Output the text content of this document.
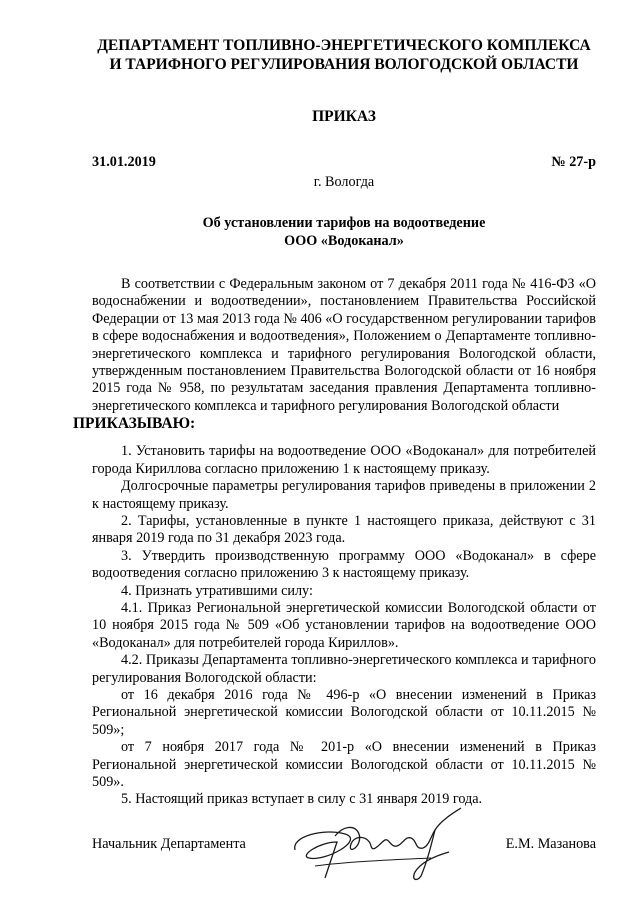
ДЕПАРТАМЕНТ ТОПЛИВНО-ЭНЕРГЕТИЧЕСКОГО КОМПЛЕКСА
И ТАРИФНОГО РЕГУЛИРОВАНИЯ ВОЛОГОДСКОЙ ОБЛАСТИ
ПРИКАЗ
31.01.2019	№ 27-р
г. Вологда
Об установлении тарифов на водоотведение
ООО «Водоканал»

В соответствии с Федеральным законом от 7 декабря 2011 года № 416-ФЗ «О водоснабжении и водоотведении», постановлением Правительства Российской Федерации от 13 мая 2013 года № 406 «О государственном регулировании тарифов в сфере водоснабжения и водоотведения», Положением о Департаменте топливно-энергетического комплекса и тарифного регулирования Вологодской области, утвержденным постановлением Правительства Вологодской области от 16 ноября 2015 года № 958, по результатам заседания правления Департамента топливно-энергетического комплекса и тарифного регулирования Вологодской области

ПРИКАЗЫВАЮ:

1. Установить тарифы на водоотведение ООО «Водоканал» для потребителей города Кириллова согласно приложению 1 к настоящему приказу.

Долгосрочные параметры регулирования тарифов приведены в приложении 2 к настоящему приказу.

2. Тарифы, установленные в пункте 1 настоящего приказа, действуют с 31 января 2019 года по 31 декабря 2023 года.

3. Утвердить производственную программу ООО «Водоканал» в сфере водоотведения согласно приложению 3 к настоящему приказу.

4. Признать утратившими силу:

4.1. Приказ Региональной энергетической комиссии Вологодской области от 10 ноября 2015 года № 509 «Об установлении тарифов на водоотведение ООО «Водоканал» для потребителей города Кириллов».

4.2. Приказы Департамента топливно-энергетического комплекса и тарифного регулирования Вологодской области:

от 16 декабря 2016 года № 496-р «О внесении изменений в Приказ Региональной энергетической комиссии Вологодской области от 10.11.2015 № 509»;

от 7 ноября 2017 года № 201-р «О внесении изменений в Приказ Региональной энергетической комиссии Вологодской области от 10.11.2015 № 509».

5. Настоящий приказ вступает в силу с 31 января 2019 года.

Начальник Департамента	Е.М. Мазанова
